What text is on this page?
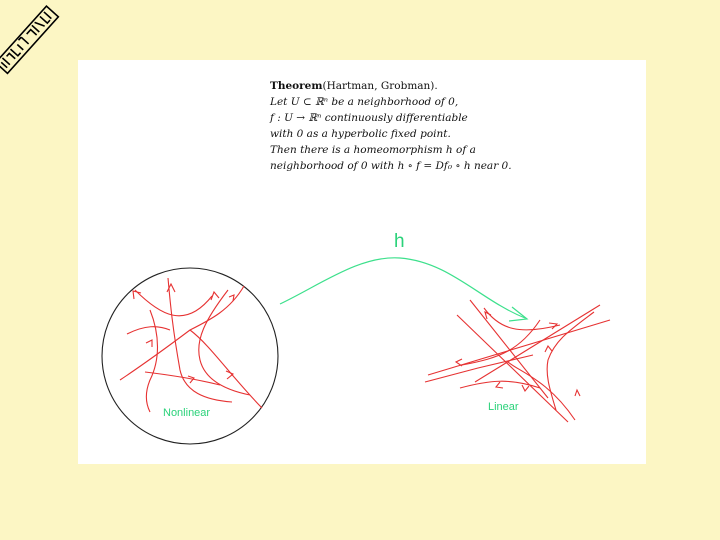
Theorem(Hartman, Grobman).
Let U ⊂ ℝⁿ be a neighborhood of 0,
f : U → ℝⁿ continuously differentiable
with 0 as a hyperbolic fixed point.
Then there is a homeomorphism h of a
neighborhood of 0 with h ∘ f = Df₀ ∘ h near 0.
h
Nonlinear	Linear
